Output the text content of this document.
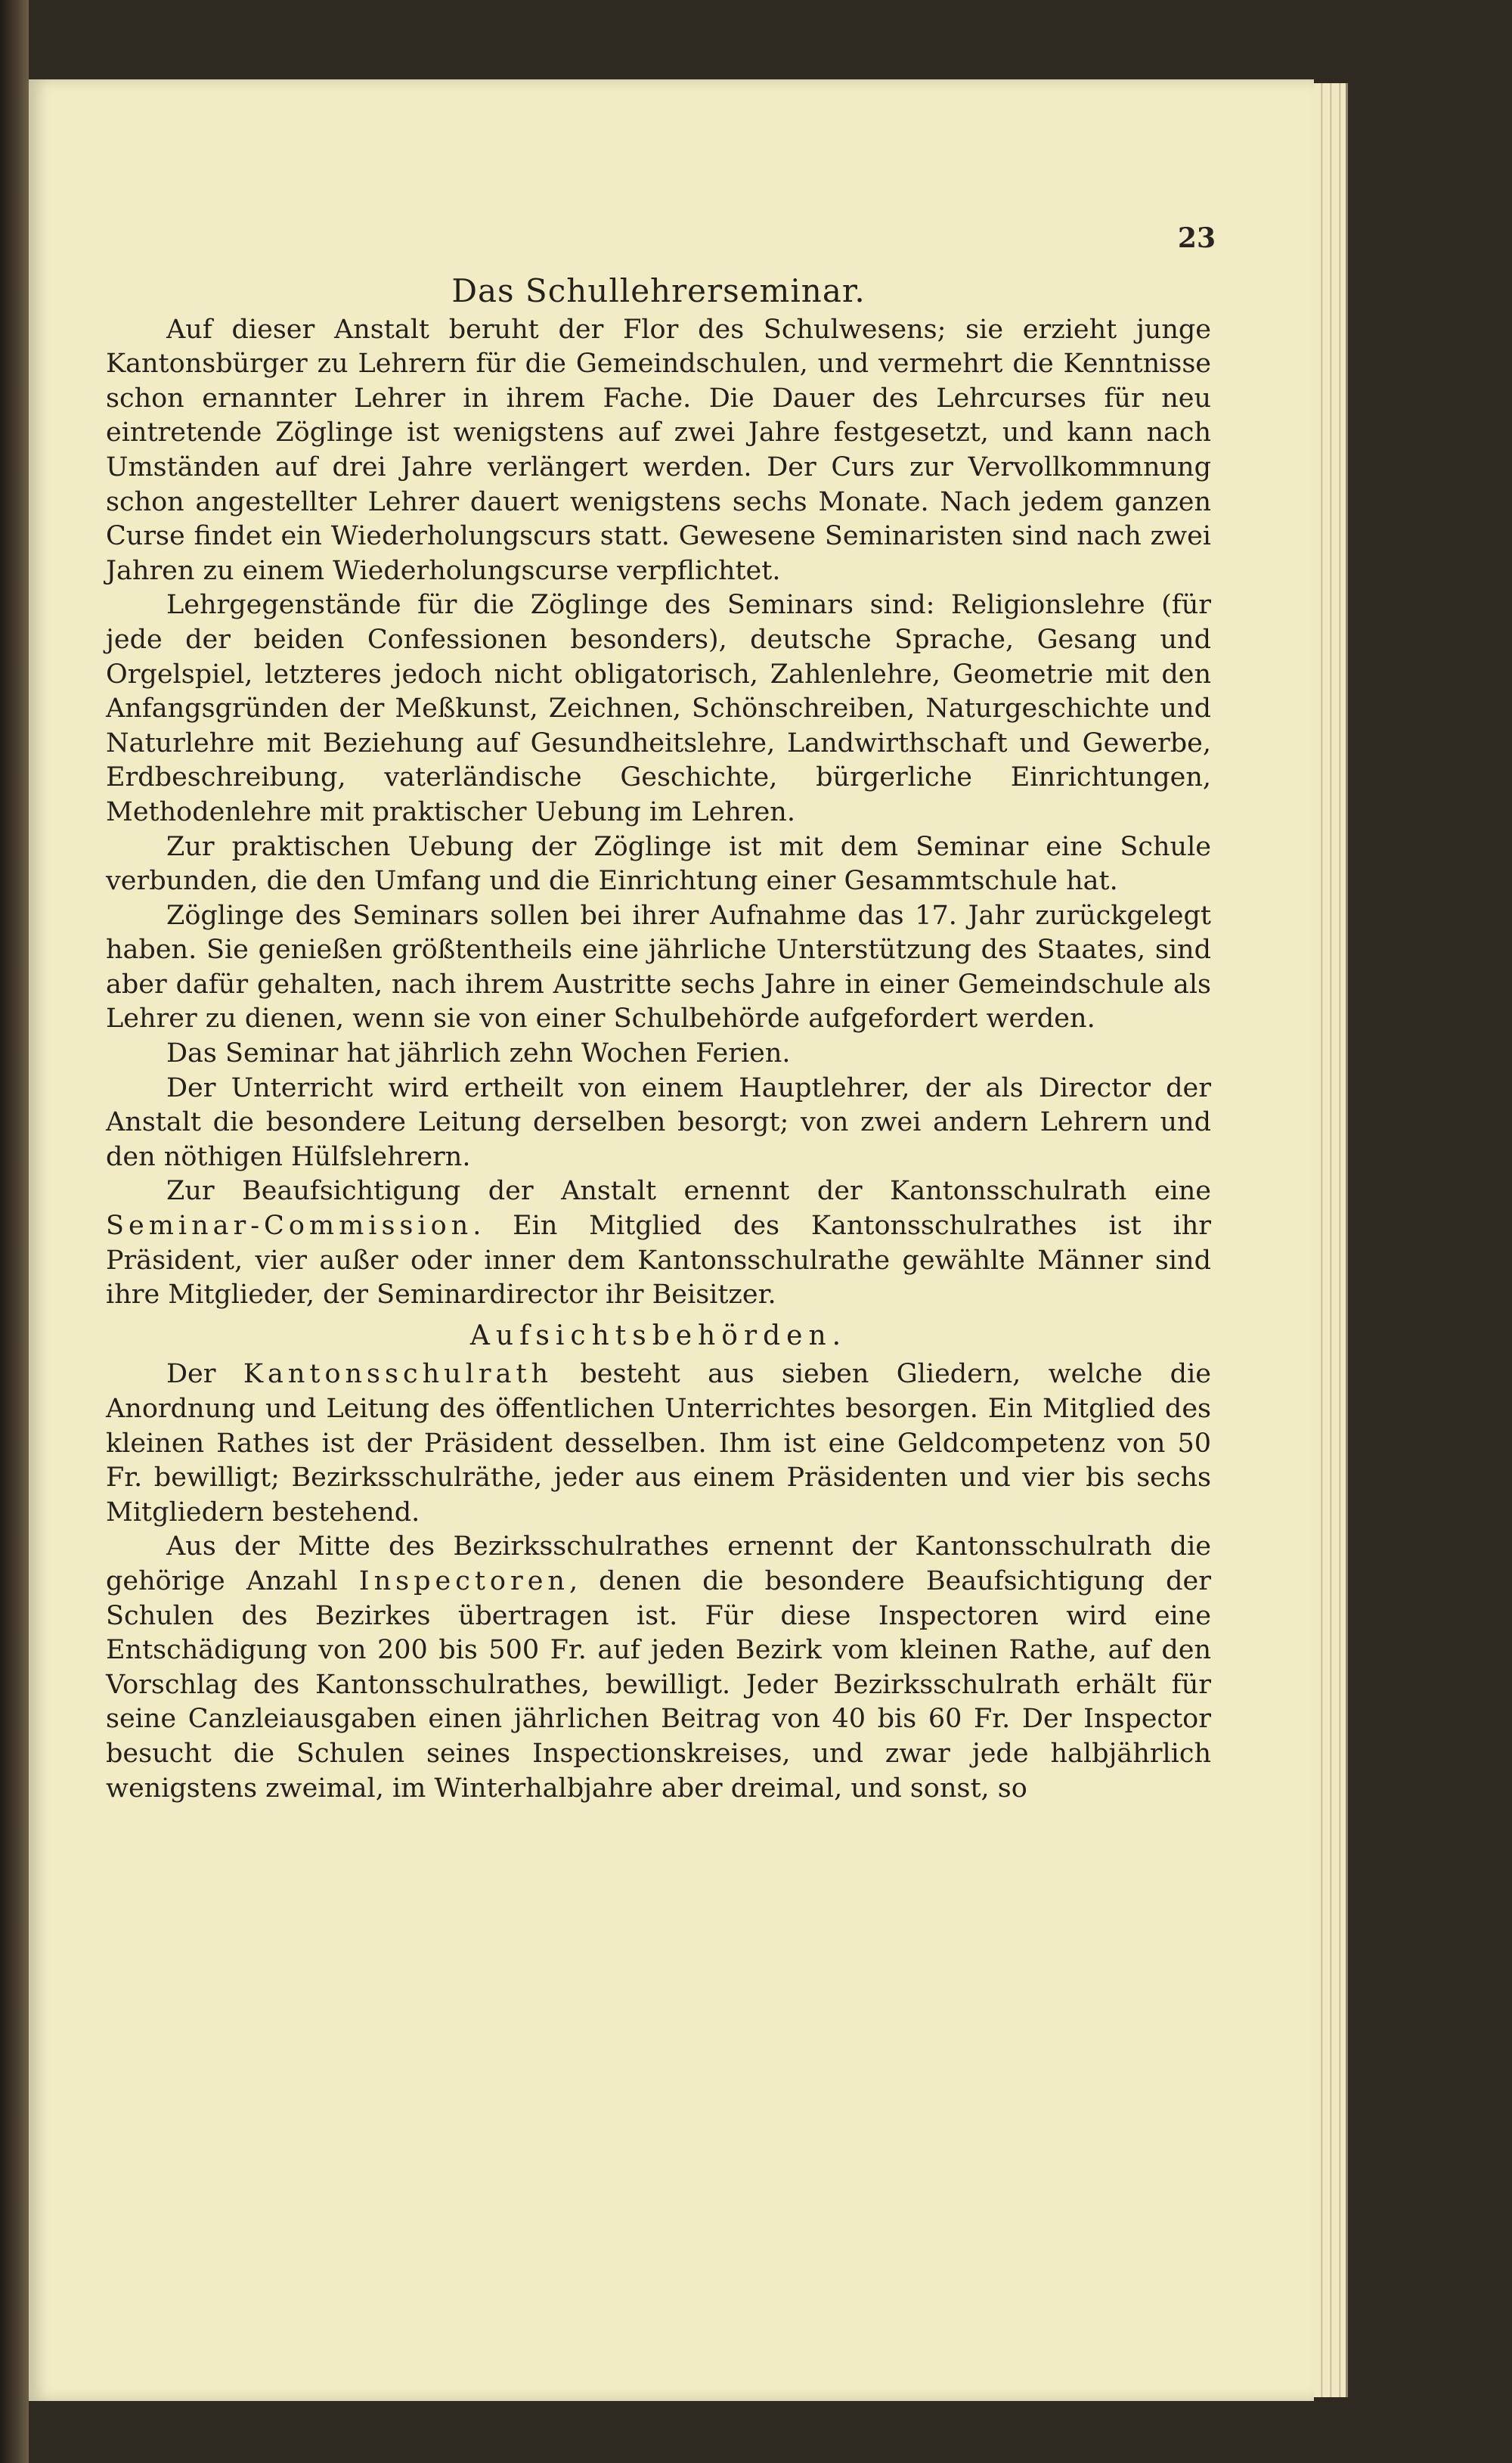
23
Das Schullehrerseminar.

Auf dieser Anstalt beruht der Flor des Schulwesens; sie erzieht junge Kantonsbürger zu Lehrern für die Gemeindschulen, und vermehrt die Kenntnisse schon ernannter Lehrer in ihrem Fache. Die Dauer des Lehrcurses für neu eintretende Zöglinge ist wenigstens auf zwei Jahre festgesetzt, und kann nach Umständen auf drei Jahre verlängert werden. Der Curs zur Vervollkommnung schon angestellter Lehrer dauert wenigstens sechs Monate. Nach jedem ganzen Curse findet ein Wiederholungscurs statt. Gewesene Seminaristen sind nach zwei Jahren zu einem Wiederholungscurse verpflichtet.

Lehrgegenstände für die Zöglinge des Seminars sind: Religionslehre (für jede der beiden Confessionen besonders), deutsche Sprache, Gesang und Orgelspiel, letzteres jedoch nicht obligatorisch, Zahlenlehre, Geometrie mit den Anfangsgründen der Meßkunst, Zeichnen, Schönschreiben, Naturgeschichte und Naturlehre mit Beziehung auf Gesundheitslehre, Landwirthschaft und Gewerbe, Erdbeschreibung, vaterländische Geschichte, bürgerliche Einrichtungen, Methodenlehre mit praktischer Uebung im Lehren.

Zur praktischen Uebung der Zöglinge ist mit dem Seminar eine Schule verbunden, die den Umfang und die Einrichtung einer Gesammtschule hat.

Zöglinge des Seminars sollen bei ihrer Aufnahme das 17. Jahr zurückgelegt haben. Sie genießen größtentheils eine jährliche Unterstützung des Staates, sind aber dafür gehalten, nach ihrem Austritte sechs Jahre in einer Gemeindschule als Lehrer zu dienen, wenn sie von einer Schulbehörde aufgefordert werden.

Das Seminar hat jährlich zehn Wochen Ferien.

Der Unterricht wird ertheilt von einem Hauptlehrer, der als Director der Anstalt die besondere Leitung derselben besorgt; von zwei andern Lehrern und den nöthigen Hülfslehrern.

Zur Beaufsichtigung der Anstalt ernennt der Kantonsschulrath eine Seminar-Commission. Ein Mitglied des Kantonsschulrathes ist ihr Präsident, vier außer oder inner dem Kantonsschulrathe gewählte Männer sind ihre Mitglieder, der Seminardirector ihr Beisitzer.

Aufsichtsbehörden.

Der Kantonsschulrath besteht aus sieben Gliedern, welche die Anordnung und Leitung des öffentlichen Unterrichtes besorgen. Ein Mitglied des kleinen Rathes ist der Präsident desselben. Ihm ist eine Geldcompetenz von 50 Fr. bewilligt; Bezirksschulräthe, jeder aus einem Präsidenten und vier bis sechs Mitgliedern bestehend.

Aus der Mitte des Bezirksschulrathes ernennt der Kantonsschulrath die gehörige Anzahl Inspectoren, denen die besondere Beaufsichtigung der Schulen des Bezirkes übertragen ist. Für diese Inspectoren wird eine Entschädigung von 200 bis 500 Fr. auf jeden Bezirk vom kleinen Rathe, auf den Vorschlag des Kantonsschulrathes, bewilligt. Jeder Bezirksschulrath erhält für seine Canzleiausgaben einen jährlichen Beitrag von 40 bis 60 Fr. Der Inspector besucht die Schulen seines Inspectionskreises, und zwar jede halbjährlich wenigstens zweimal, im Winterhalbjahre aber dreimal, und sonst, so
